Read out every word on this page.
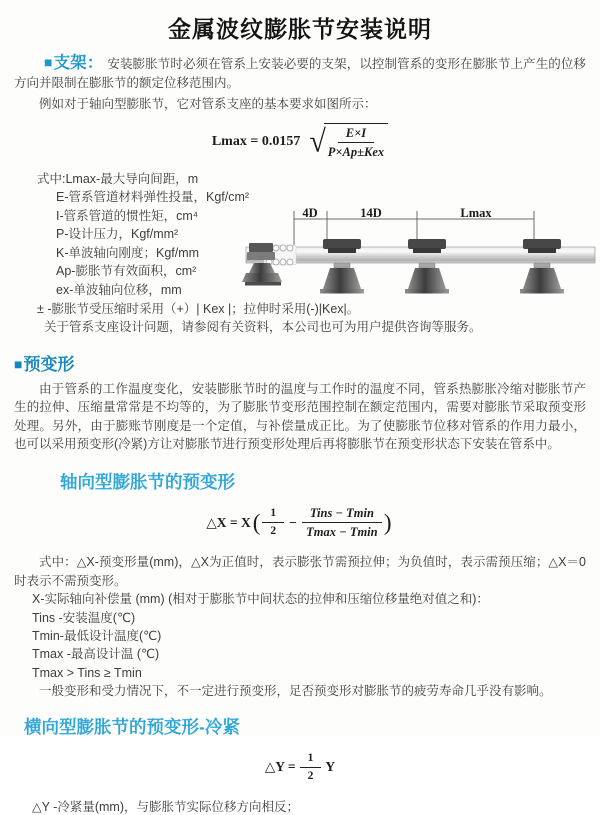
金属波纹膨胀节安装说明

■支架： 安装膨胀节时必须在管系上安装必要的支架，以控制管系的变形在膨胀节上产生的位移方向并限制在膨胀节的额定位移范围内。

例如对于轴向型膨胀节，它对管系支座的基本要求如图所示：

Lmax = 0.0157 √
$\frac{E\times I}{\text{P×Ap±Kex}}$
式中:Lmax-最大导向间距，m
E-管系管道材料弹性投量，Kgf/cm²
I-管系管道的惯性矩，cm⁴
P-设计压力，Kgf/mm²
K-单波轴向刚度；Kgf/mm
Ap-膨胀节有效面积，cm²
ex-单波轴向位移，mm
± -膨胀节受压缩时采用（+）| Kex |；拉伸时采用(-)|Kex|。
关于管系支座设计问题，请参阅有关资料，本公司也可为用户提供咨询等服务。
4D	14D	Lmax
■预变形

由于管系的工作温度变化，安装膨胀节时的温度与工作时的温度不同，管系热膨胀冷缩对膨胀节产生的拉伸、压缩量常常是不均等的，为了膨胀节变形范围控制在额定范围内，需要对膨胀节采取预变形处理。另外，由于膨账节刚度是一个定值，与补偿量成正比。为了使膨胀节位移对管系的作用力最小，也可以采用预变形(冷紧)方让对膨胀节进行预变形处理后再将膨胀节在预变形状态下安装在管系中。

轴向型膨胀节的预变形
△X = X ( $\frac{1}{2} - \frac{\text{Tins − Tmin}}{Tmax - Tmin}$ )

式中：△X-预变形量(mm)，△X为正值时，表示膨张节需预拉伸；为负值时，表示需预压缩；△X＝0时表示不需预变形。

X-实际轴向补偿量 (mm) (相对于膨胀节中间状态的拉伸和压缩位移量绝对值之和)：
Tins -安装温度(℃)
Tmin-最低设计温度(℃)
Tmax -最高设计温 (℃)
Tmax > Tins ≥ Tmin

一般变形和受力情况下，不一定进行预变形，足否预变形对膨胀节的疲劳寿命几乎没有影响。

横向型膨胀节的预变形-冷紧
△Y = $\frac{1}{2}$ Y
△Y -冷紧量(mm)，与膨胀节实际位移方向相反；
